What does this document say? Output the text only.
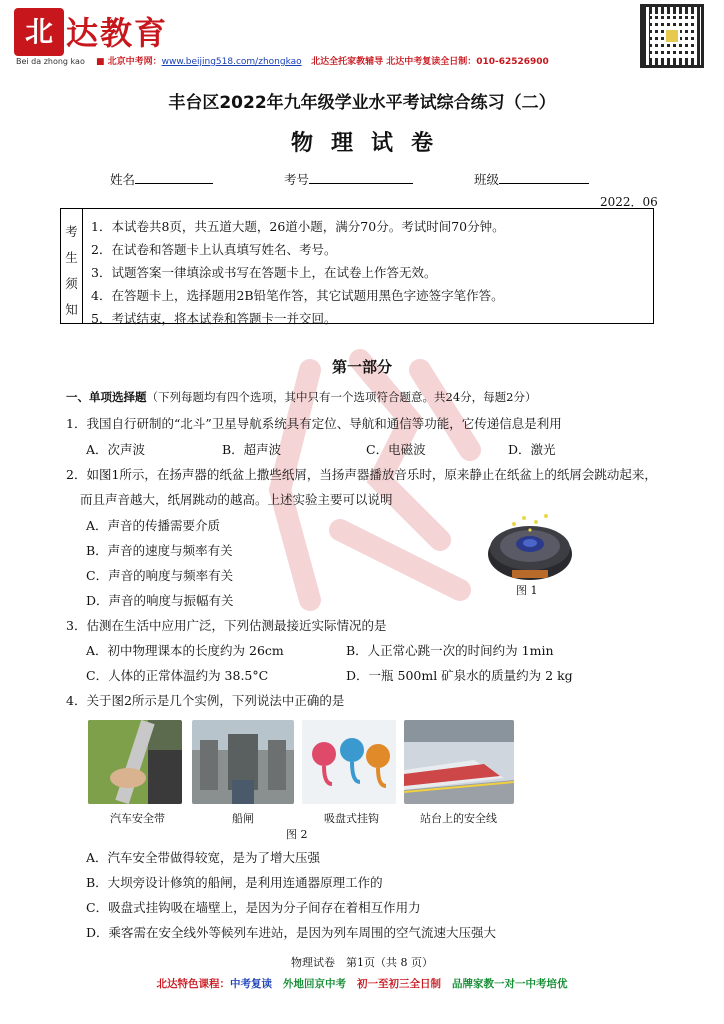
北 达教育
Bei da zhong kao ■ 北京中考网：www.beijing518.com/zhongkao 北达全托家教辅导 北达中考复读全日制：010-62526900
丰台区2022年九年级学业水平考试综合练习（二）
物理试卷
姓名	考号	班级
2022．06
考
生
须
知
1．本试卷共8页，共五道大题，26道小题，满分70分。考试时间70分钟。
2．在试卷和答题卡上认真填写姓名、考号。
3．试题答案一律填涂或书写在答题卡上，在试卷上作答无效。
4．在答题卡上，选择题用2B铅笔作答，其它试题用黑色字迹签字笔作答。
5．考试结束，将本试卷和答题卡一并交回。
第一部分
一、单项选择题（下列每题均有四个选项，其中只有一个选项符合题意。共24分，每题2分）
1．我国自行研制的“北斗”卫星导航系统具有定位、导航和通信等功能，它传递信息是利用
A．次声波	B．超声波	C．电磁波	D．激光
2．如图1所示，在扬声器的纸盆上撒些纸屑，当扬声器播放音乐时，原来静止在纸盆上的纸屑会跳动起来，
而且声音越大，纸屑跳动的越高。上述实验主要可以说明
A．声音的传播需要介质
B．声音的速度与频率有关
C．声音的响度与频率有关
D．声音的响度与振幅有关
图 1
3．估测在生活中应用广泛，下列估测最接近实际情况的是
A．初中物理课本的长度约为 26cm	B．人正常心跳一次的时间约为 1min
C．人体的正常体温约为 38.5°C	D．一瓶 500ml 矿泉水的质量约为 2 kg
4．关于图2所示是几个实例，下列说法中正确的是
汽车安全带	船闸	吸盘式挂钩	站台上的安全线
图 2
A．汽车安全带做得较宽，是为了增大压强
B．大坝旁设计修筑的船闸，是利用连通器原理工作的
C．吸盘式挂钩吸在墙壁上，是因为分子间存在着相互作用力
D．乘客需在安全线外等候列车进站，是因为列车周围的空气流速大压强大
物理试卷　第1页（共 8 页）
北达特色课程：中考复读 外地回京中考 初一至初三全日制 品牌家教一对一中考培优
